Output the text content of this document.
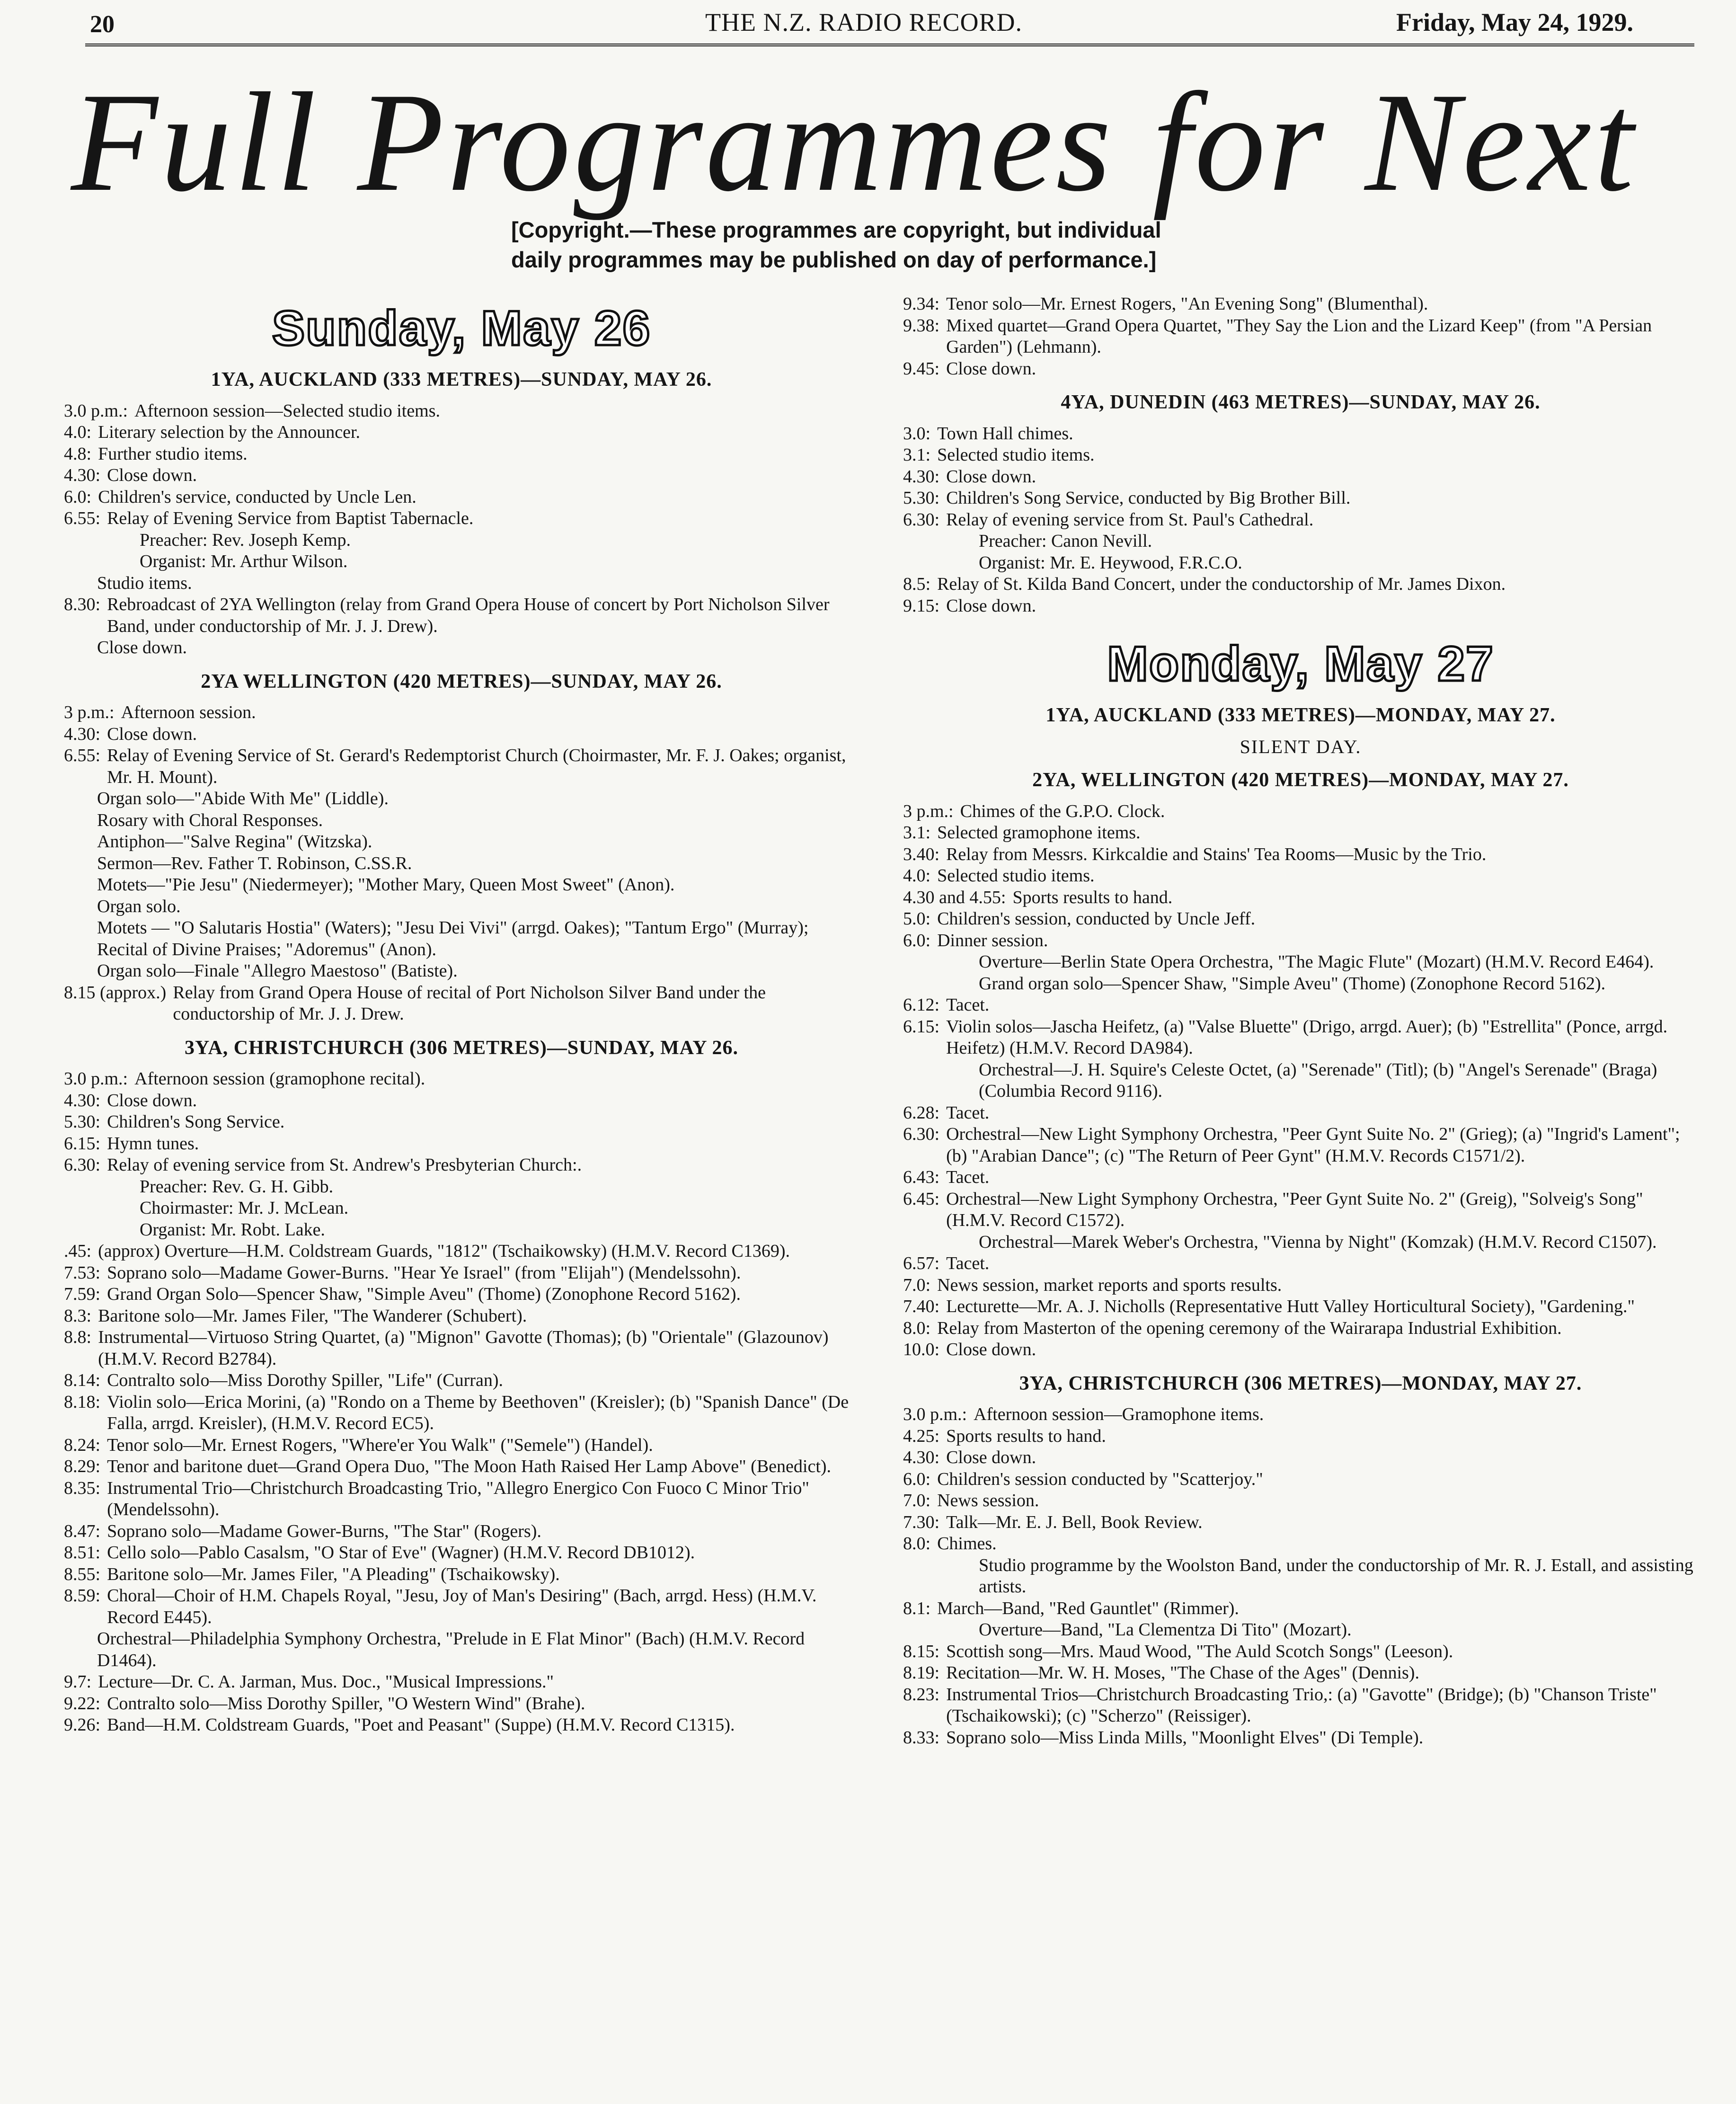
20	THE N.Z. RADIO RECORD.	Friday, May 24, 1929.
Full Programmes for Next
[Copyright.—These programmes are copyright, but individual
daily programmes may be published on day of performance.]
Sunday, May 26
1YA, AUCKLAND (333 METRES)—SUNDAY, MAY 26.
3.0 p.m.: Afternoon session—Selected studio items.
4.0: Literary selection by the Announcer.
4.8: Further studio items.
4.30: Close down.
6.0: Children's service, conducted by Uncle Len.
6.55: Relay of Evening Service from Baptist Tabernacle.
Preacher: Rev. Joseph Kemp.
Organist: Mr. Arthur Wilson.
Studio items.
8.30: Rebroadcast of 2YA Wellington (relay from Grand Opera House of concert by Port Nicholson Silver Band, under conductorship of Mr. J. J. Drew).
Close down.
2YA WELLINGTON (420 METRES)—SUNDAY, MAY 26.
3 p.m.: Afternoon session.
4.30: Close down.
6.55: Relay of Evening Service of St. Gerard's Redemptorist Church (Choirmaster, Mr. F. J. Oakes; organist, Mr. H. Mount).
Organ solo—"Abide With Me" (Liddle).
Rosary with Choral Responses.
Antiphon—"Salve Regina" (Witzska).
Sermon—Rev. Father T. Robinson, C.SS.R.
Motets—"Pie Jesu" (Niedermeyer); "Mother Mary, Queen Most Sweet" (Anon).
Organ solo.
Motets — "O Salutaris Hostia" (Waters); "Jesu Dei Vivi" (arrgd. Oakes); "Tantum Ergo" (Murray); Recital of Divine Praises; "Adoremus" (Anon).
Organ solo—Finale "Allegro Maestoso" (Batiste).
8.15 (approx.) Relay from Grand Opera House of recital of Port Nicholson Silver Band under the conductorship of Mr. J. J. Drew.
3YA, CHRISTCHURCH (306 METRES)—SUNDAY, MAY 26.
3.0 p.m.: Afternoon session (gramophone recital).
4.30: Close down.
5.30: Children's Song Service.
6.15: Hymn tunes.
6.30: Relay of evening service from St. Andrew's Presbyterian Church:.
Preacher: Rev. G. H. Gibb.
Choirmaster: Mr. J. McLean.
Organist: Mr. Robt. Lake.
.45: (approx) Overture—H.M. Coldstream Guards, "1812" (Tschaikowsky) (H.M.V. Record C1369).
7.53: Soprano solo—Madame Gower-Burns. "Hear Ye Israel" (from "Elijah") (Mendelssohn).
7.59: Grand Organ Solo—Spencer Shaw, "Simple Aveu" (Thome) (Zonophone Record 5162).
8.3: Baritone solo—Mr. James Filer, "The Wanderer (Schubert).
8.8: Instrumental—Virtuoso String Quartet, (a) "Mignon" Gavotte (Thomas); (b) "Orientale" (Glazounov) (H.M.V. Record B2784).
8.14: Contralto solo—Miss Dorothy Spiller, "Life" (Curran).
8.18: Violin solo—Erica Morini, (a) "Rondo on a Theme by Beethoven" (Kreisler); (b) "Spanish Dance" (De Falla, arrgd. Kreisler), (H.M.V. Record EC5).
8.24: Tenor solo—Mr. Ernest Rogers, "Where'er You Walk" ("Semele") (Handel).
8.29: Tenor and baritone duet—Grand Opera Duo, "The Moon Hath Raised Her Lamp Above" (Benedict).
8.35: Instrumental Trio—Christchurch Broadcasting Trio, "Allegro Energico Con Fuoco C Minor Trio" (Mendelssohn).
8.47: Soprano solo—Madame Gower-Burns, "The Star" (Rogers).
8.51: Cello solo—Pablo Casalsm, "O Star of Eve" (Wagner) (H.M.V. Record DB1012).
8.55: Baritone solo—Mr. James Filer, "A Pleading" (Tschaikowsky).
8.59: Choral—Choir of H.M. Chapels Royal, "Jesu, Joy of Man's Desiring" (Bach, arrgd. Hess) (H.M.V. Record E445).
Orchestral—Philadelphia Symphony Orchestra, "Prelude in E Flat Minor" (Bach) (H.M.V. Record D1464).
9.7: Lecture—Dr. C. A. Jarman, Mus. Doc., "Musical Impressions."
9.22: Contralto solo—Miss Dorothy Spiller, "O Western Wind" (Brahe).
9.26: Band—H.M. Coldstream Guards, "Poet and Peasant" (Suppe) (H.M.V. Record C1315).
9.34: Tenor solo—Mr. Ernest Rogers, "An Evening Song" (Blumenthal).
9.38: Mixed quartet—Grand Opera Quartet, "They Say the Lion and the Lizard Keep" (from "A Persian Garden") (Lehmann).
9.45: Close down.
4YA, DUNEDIN (463 METRES)—SUNDAY, MAY 26.
3.0: Town Hall chimes.
3.1: Selected studio items.
4.30: Close down.
5.30: Children's Song Service, conducted by Big Brother Bill.
6.30: Relay of evening service from St. Paul's Cathedral.
Preacher: Canon Nevill.
Organist: Mr. E. Heywood, F.R.C.O.
8.5: Relay of St. Kilda Band Concert, under the conductorship of Mr. James Dixon.
9.15: Close down.
Monday, May 27
1YA, AUCKLAND (333 METRES)—MONDAY, MAY 27.
SILENT DAY.
2YA, WELLINGTON (420 METRES)—MONDAY, MAY 27.
3 p.m.: Chimes of the G.P.O. Clock.
3.1: Selected gramophone items.
3.40: Relay from Messrs. Kirkcaldie and Stains' Tea Rooms—Music by the Trio.
4.0: Selected studio items.
4.30 and 4.55: Sports results to hand.
5.0: Children's session, conducted by Uncle Jeff.
6.0: Dinner session.
Overture—Berlin State Opera Orchestra, "The Magic Flute" (Mozart) (H.M.V. Record E464).
Grand organ solo—Spencer Shaw, "Simple Aveu" (Thome) (Zonophone Record 5162).
6.12: Tacet.
6.15: Violin solos—Jascha Heifetz, (a) "Valse Bluette" (Drigo, arrgd. Auer); (b) "Estrellita" (Ponce, arrgd. Heifetz) (H.M.V. Record DA984).
Orchestral—J. H. Squire's Celeste Octet, (a) "Serenade" (Titl); (b) "Angel's Serenade" (Braga) (Columbia Record 9116).
6.28: Tacet.
6.30: Orchestral—New Light Symphony Orchestra, "Peer Gynt Suite No. 2" (Grieg); (a) "Ingrid's Lament"; (b) "Arabian Dance"; (c) "The Return of Peer Gynt" (H.M.V. Records C1571/2).
6.43: Tacet.
6.45: Orchestral—New Light Symphony Orchestra, "Peer Gynt Suite No. 2" (Greig), "Solveig's Song" (H.M.V. Record C1572).
Orchestral—Marek Weber's Orchestra, "Vienna by Night" (Komzak) (H.M.V. Record C1507).
6.57: Tacet.
7.0: News session, market reports and sports results.
7.40: Lecturette—Mr. A. J. Nicholls (Representative Hutt Valley Horticultural Society), "Gardening."
8.0: Relay from Masterton of the opening ceremony of the Wairarapa Industrial Exhibition.
10.0: Close down.
3YA, CHRISTCHURCH (306 METRES)—MONDAY, MAY 27.
3.0 p.m.: Afternoon session—Gramophone items.
4.25: Sports results to hand.
4.30: Close down.
6.0: Children's session conducted by "Scatterjoy."
7.0: News session.
7.30: Talk—Mr. E. J. Bell, Book Review.
8.0: Chimes.
Studio programme by the Woolston Band, under the conductorship of Mr. R. J. Estall, and assisting artists.
8.1: March—Band, "Red Gauntlet" (Rimmer).
Overture—Band, "La Clementza Di Tito" (Mozart).
8.15: Scottish song—Mrs. Maud Wood, "The Auld Scotch Songs" (Leeson).
8.19: Recitation—Mr. W. H. Moses, "The Chase of the Ages" (Dennis).
8.23: Instrumental Trios—Christchurch Broadcasting Trio,: (a) "Gavotte" (Bridge); (b) "Chanson Triste" (Tschaikowski); (c) "Scherzo" (Reissiger).
8.33: Soprano solo—Miss Linda Mills, "Moonlight Elves" (Di Temple).
